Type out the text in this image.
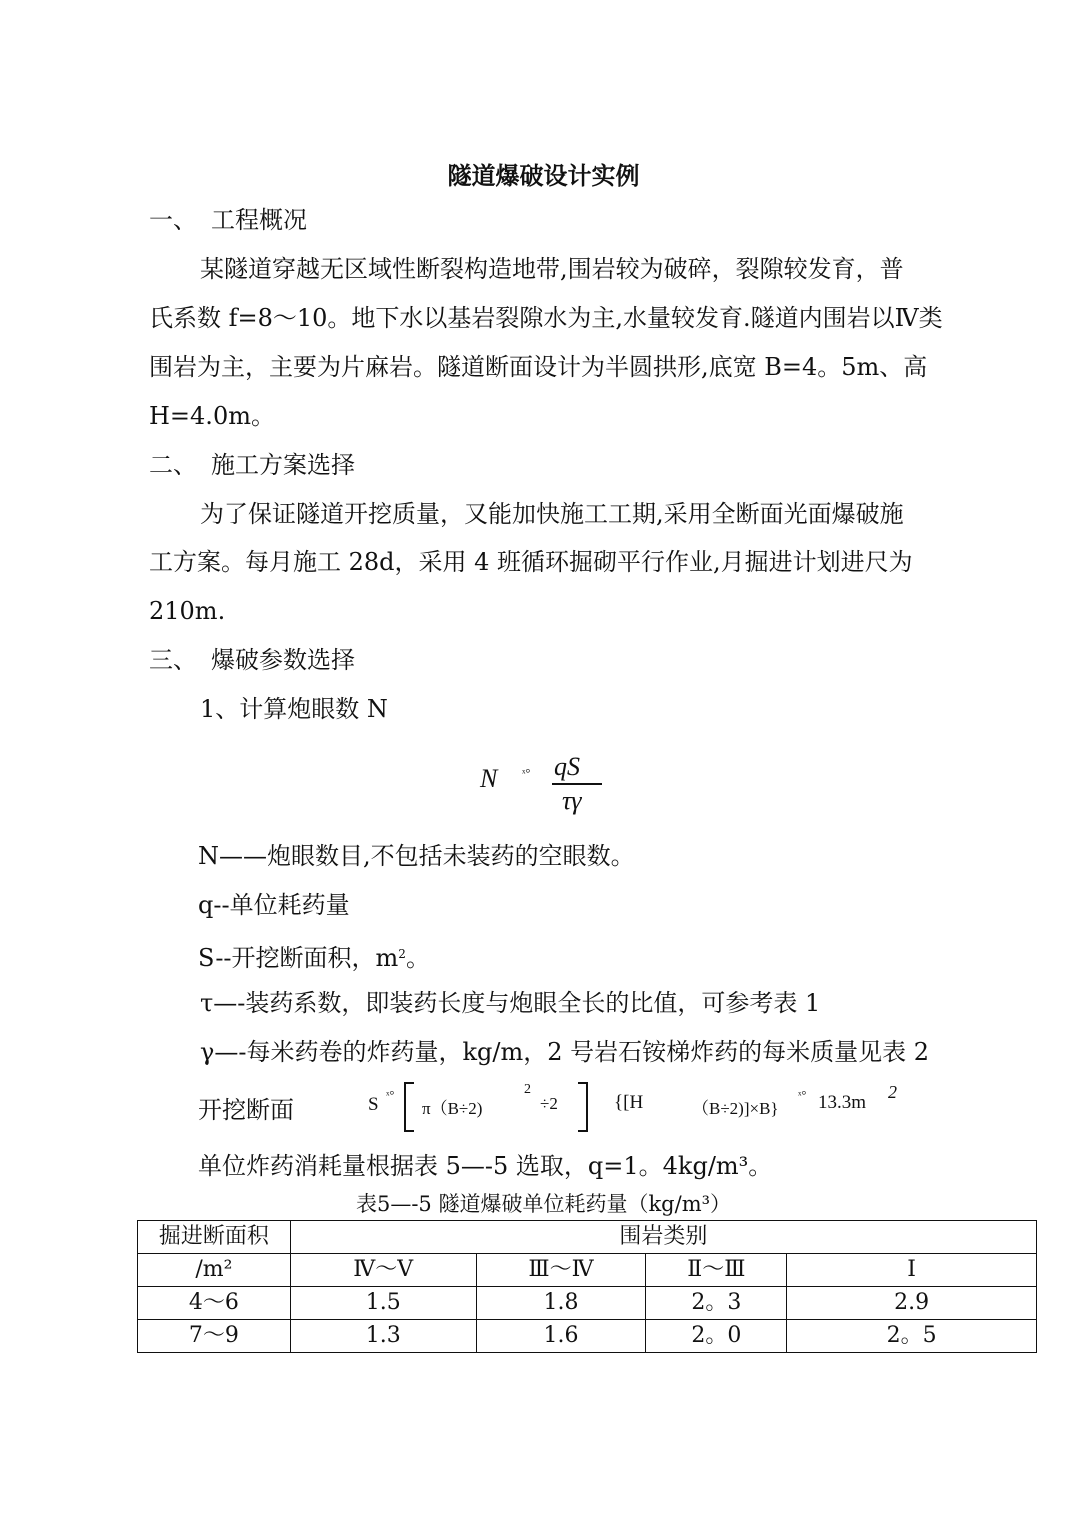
隧道爆破设计实例
一、 工程概况
某隧道穿越无区域性断裂构造地带,围岩较为破碎，裂隙较发育，普
氏系数 f=8～10。地下水以基岩裂隙水为主,水量较发育.隧道内围岩以Ⅳ类
围岩为主，主要为片麻岩。隧道断面设计为半圆拱形,底宽 B=4。5m、高
H=4.0m。
二、 施工方案选择
为了保证隧道开挖质量，又能加快施工工期,采用全断面光面爆破施
工方案。每月施工 28d，采用 4 班循环掘砌平行作业,月掘进计划进尺为
210m.
三、 爆破参数选择
1、计算炮眼数 N
N ˣ° qS
τγ
N——炮眼数目,不包括未装药的空眼数。
q--单位耗药量
S--开挖断面积，$m^2$。
τ—-装药系数，即装药长度与炮眼全长的比值，可参考表 1
γ—-每米药卷的炸药量，kg/m，2 号岩石铵梯炸药的每米质量见表 2
开挖断面	S ˣ°
π（B÷2)
2
÷2	{[H	（B÷2)]×B}
ˣ° 13.3m 2
单位炸药消耗量根据表 5—-5 选取，q=1。4kg/m³。
表5—-5 隧道爆破单位耗药量（kg/m³）
掘进断面积	围岩类别			
/m²	Ⅳ～Ⅴ	Ⅲ～Ⅳ	Ⅱ～Ⅲ	Ⅰ
4～6	1.5	1.8	2。3	2.9
7～9	1.3	1.6	2。0	2。5
